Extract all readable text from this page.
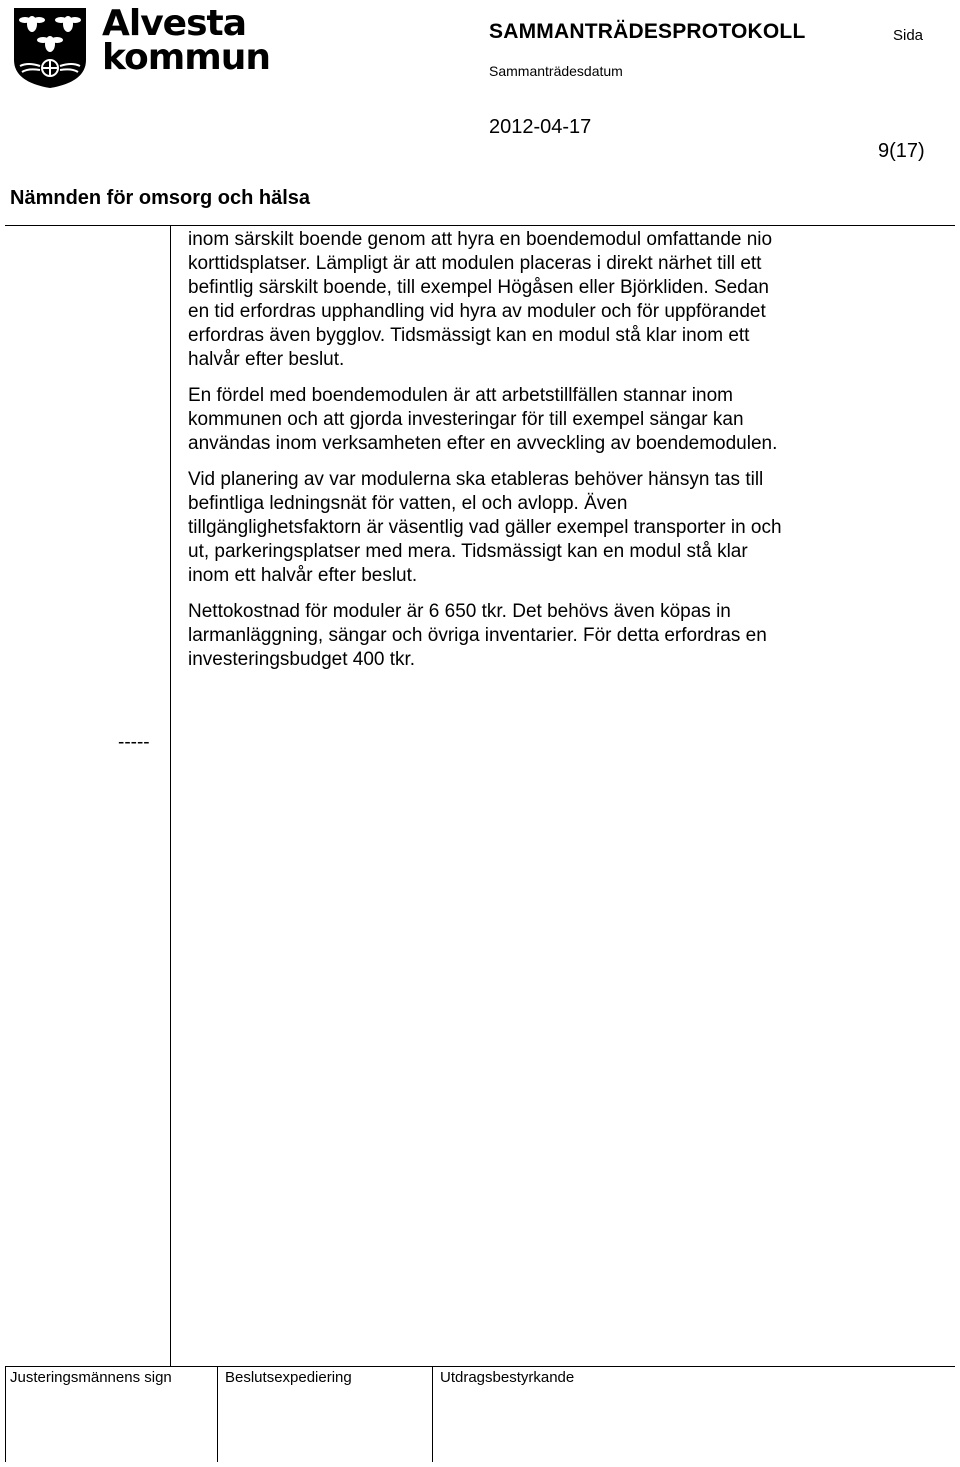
Alvesta
kommun
SAMMANTRÄDESPROTOKOLL	Sida
Sammanträdesdatum
2012-04-17
9(17)
Nämnden för omsorg och hälsa

inom särskilt boende genom att hyra en boendemodul omfattande nio korttidsplatser. Lämpligt är att modulen placeras i direkt närhet till ett befintlig särskilt boende, till exempel Högåsen eller Björkliden. Sedan en tid erfordras upphandling vid hyra av moduler och för uppförandet erfordras även bygglov. Tidsmässigt kan en modul stå klar inom ett halvår efter beslut.

En fördel med boendemodulen är att arbetstillfällen stannar inom kommunen och att gjorda investeringar för till exempel sängar kan användas inom verksamheten efter en avveckling av boendemodulen.

Vid planering av var modulerna ska etableras behöver hänsyn tas till befintliga ledningsnät för vatten, el och avlopp. Även tillgänglighetsfaktorn är väsentlig vad gäller exempel transporter in och ut, parkeringsplatser med mera. Tidsmässigt kan en modul stå klar inom ett halvår efter beslut.

Nettokostnad för moduler är 6 650 tkr. Det behövs även köpas in larmanläggning, sängar och övriga inventarier. För detta erfordras en investeringsbudget 400 tkr.

-----
Justeringsmännens sign	Beslutsexpediering	Utdragsbestyrkande
